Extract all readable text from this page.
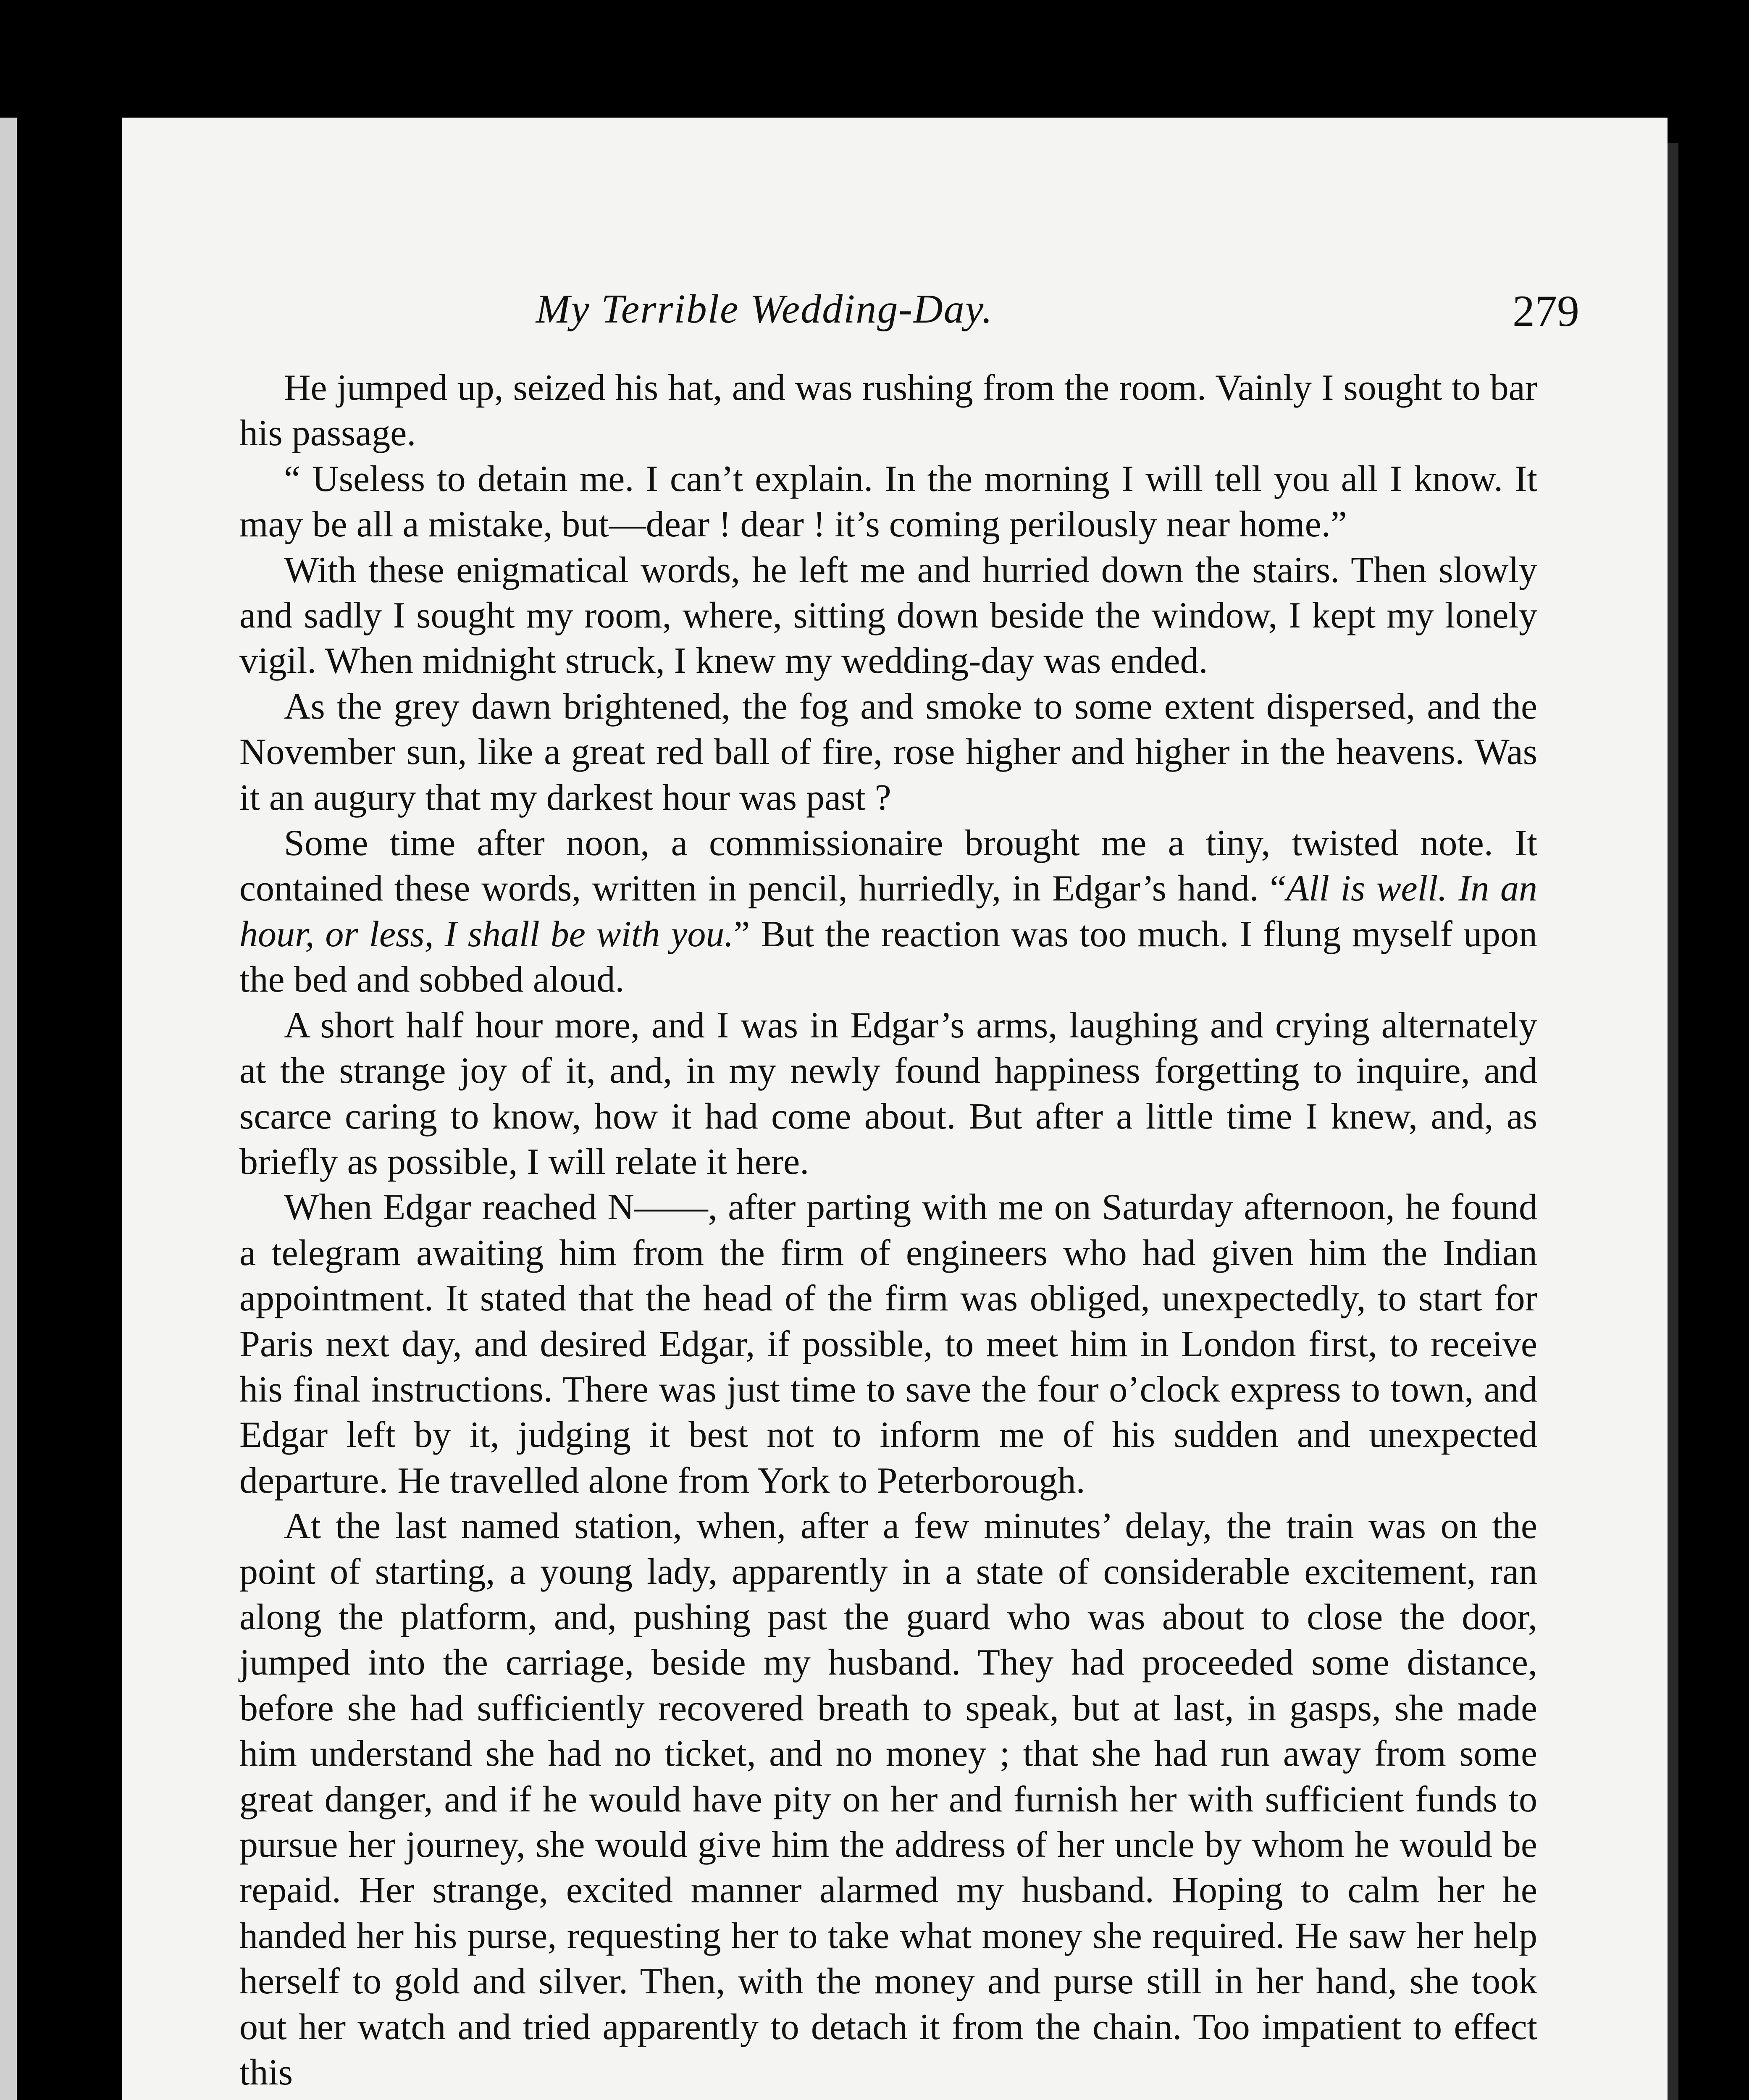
My Terrible Wedding-Day.	279

He jumped up, seized his hat, and was rushing from the room. Vainly I sought to bar his passage.

“ Useless to detain me. I can’t explain. In the morning I will tell you all I know. It may be all a mistake, but—dear ! dear ! it’s coming perilously near home.”

With these enigmatical words, he left me and hurried down the stairs. Then slowly and sadly I sought my room, where, sitting down beside the window, I kept my lonely vigil. When midnight struck, I knew my wedding-day was ended.

As the grey dawn brightened, the fog and smoke to some extent dispersed, and the November sun, like a great red ball of fire, rose higher and higher in the heavens. Was it an augury that my darkest hour was past ?

Some time after noon, a commissionaire brought me a tiny, twisted note. It contained these words, written in pencil, hurriedly, in Edgar’s hand. “All is well. In an hour, or less, I shall be with you.” But the reaction was too much. I flung myself upon the bed and sobbed aloud.

A short half hour more, and I was in Edgar’s arms, laughing and crying alternately at the strange joy of it, and, in my newly found happiness forgetting to inquire, and scarce caring to know, how it had come about. But after a little time I knew, and, as briefly as possible, I will relate it here.

When Edgar reached N——, after parting with me on Saturday afternoon, he found a telegram awaiting him from the firm of engineers who had given him the Indian appointment. It stated that the head of the firm was obliged, unexpectedly, to start for Paris next day, and desired Edgar, if possible, to meet him in London first, to receive his final instructions. There was just time to save the four o’clock express to town, and Edgar left by it, judging it best not to inform me of his sudden and unexpected departure. He travelled alone from York to Peterborough.

At the last named station, when, after a few minutes’ delay, the train was on the point of starting, a young lady, apparently in a state of considerable excitement, ran along the platform, and, pushing past the guard who was about to close the door, jumped into the carriage, beside my husband. They had proceeded some distance, before she had sufficiently recovered breath to speak, but at last, in gasps, she made him understand she had no ticket, and no money ; that she had run away from some great danger, and if he would have pity on her and furnish her with sufficient funds to pursue her journey, she would give him the address of her uncle by whom he would be repaid. Her strange, excited manner alarmed my husband. Hoping to calm her he handed her his purse, requesting her to take what money she required. He saw her help herself to gold and silver. Then, with the money and purse still in her hand, she took out her watch and tried apparently to detach it from the chain. Too impatient to effect this
